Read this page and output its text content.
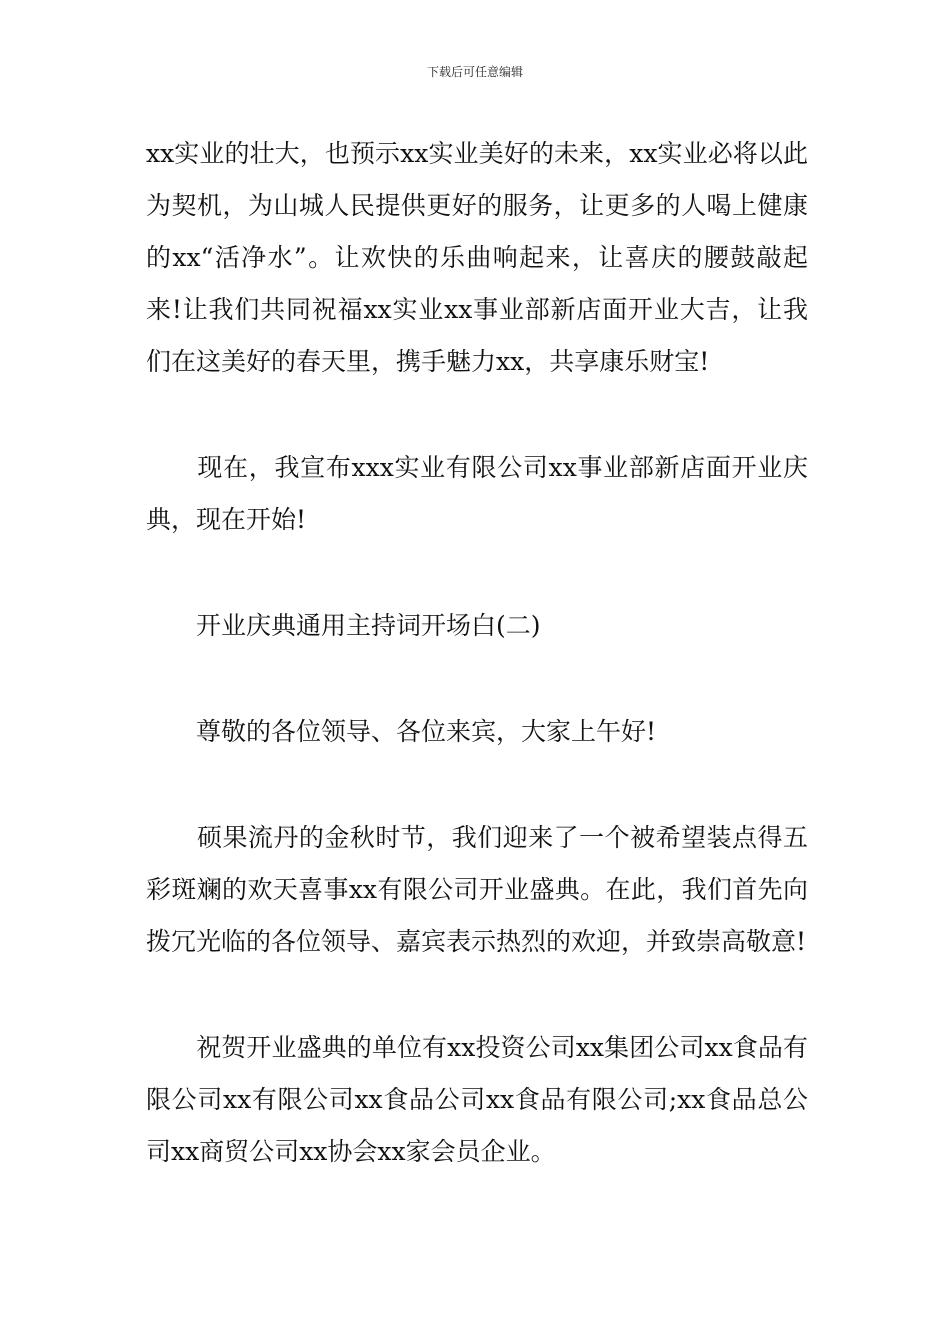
下载后可任意编辑

xx实业的壮大，也预示xx实业美好的未来，xx实业必将以此为契机，为山城人民提供更好的服务，让更多的人喝上健康的xx“活净水”。让欢快的乐曲响起来，让喜庆的腰鼓敲起来!让我们共同祝福xx实业xx事业部新店面开业大吉，让我们在这美好的春天里，携手魅力xx，共享康乐财宝!

　　现在，我宣布xxx实业有限公司xx事业部新店面开业庆典，现在开始!

　　开业庆典通用主持词开场白(二)

　　尊敬的各位领导、各位来宾，大家上午好!

　　硕果流丹的金秋时节，我们迎来了一个被希望装点得五彩斑斓的欢天喜事xx有限公司开业盛典。在此，我们首先向拨冗光临的各位领导、嘉宾表示热烈的欢迎，并致崇高敬意!

　　祝贺开业盛典的单位有xx投资公司xx集团公司xx食品有限公司xx有限公司xx食品公司xx食品有限公司;xx食品总公司xx商贸公司xx协会xx家会员企业。
